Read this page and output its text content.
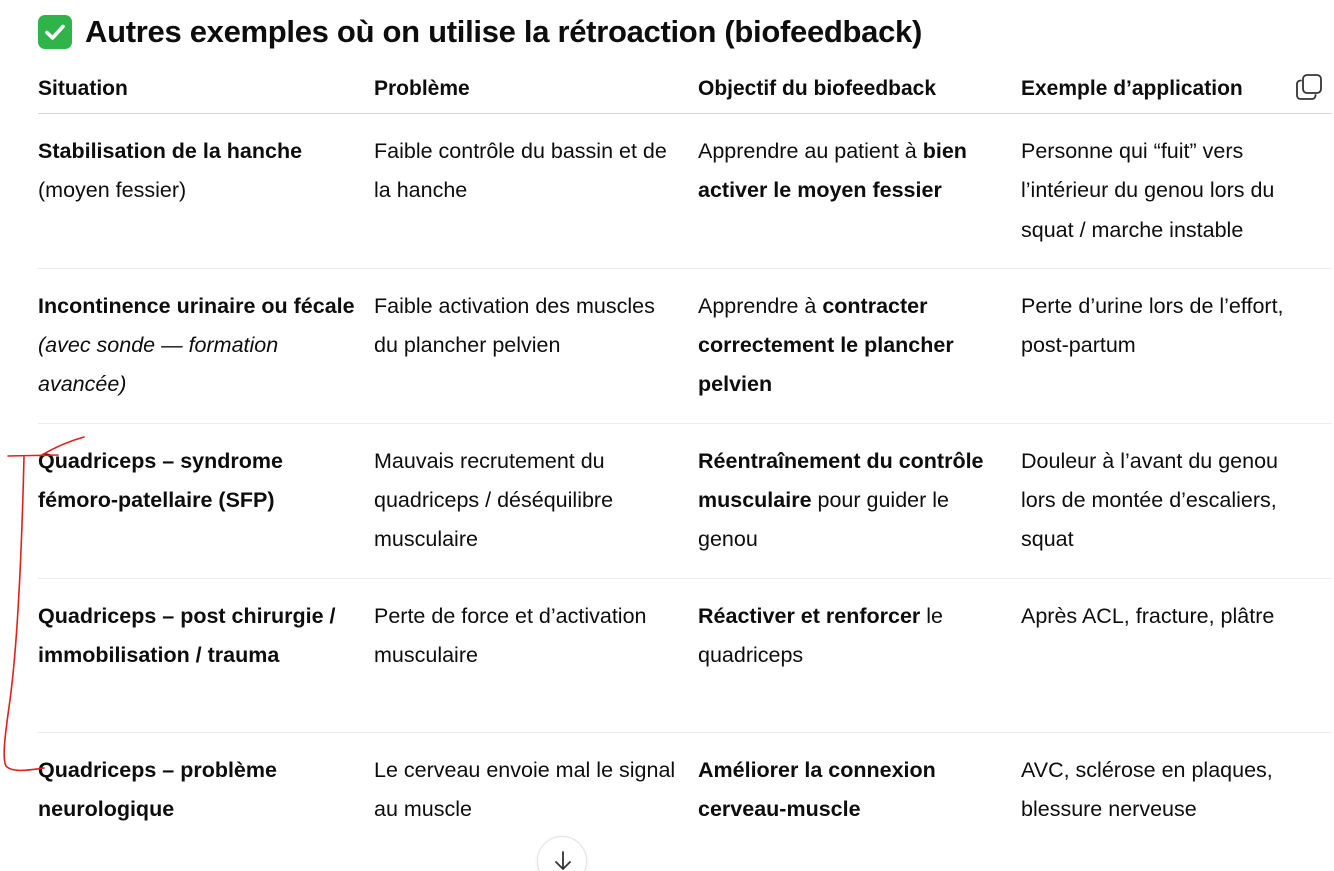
Autres exemples où on utilise la rétroaction (biofeedback)
Situation	Problème	Objectif du biofeedback	Exemple d’application
Stabilisation de la hanche (moyen fessier)	Faible contrôle du bassin et de la hanche	Apprendre au patient à bien activer le moyen fessier	Personne qui “fuit” vers l’intérieur du genou lors du squat / marche instable
Incontinence urinaire ou fécale (avec sonde — formation avancée)	Faible activation des muscles du plancher pelvien	Apprendre à contracter correctement le plancher pelvien	Perte d’urine lors de l’effort, post-partum
Quadriceps – syndrome fémoro-patellaire (SFP)	Mauvais recrutement du quadriceps / déséquilibre musculaire	Réentraînement du contrôle musculaire pour guider le genou	Douleur à l’avant du genou lors de montée d’escaliers, squat
Quadriceps – post chirurgie / immobilisation / trauma	Perte de force et d’activation musculaire	Réactiver et renforcer le quadriceps	Après ACL, fracture, plâtre
Quadriceps – problème neurologique	Le cerveau envoie mal le signal au muscle	Améliorer la connexion cerveau-muscle	AVC, sclérose en plaques, blessure nerveuse
